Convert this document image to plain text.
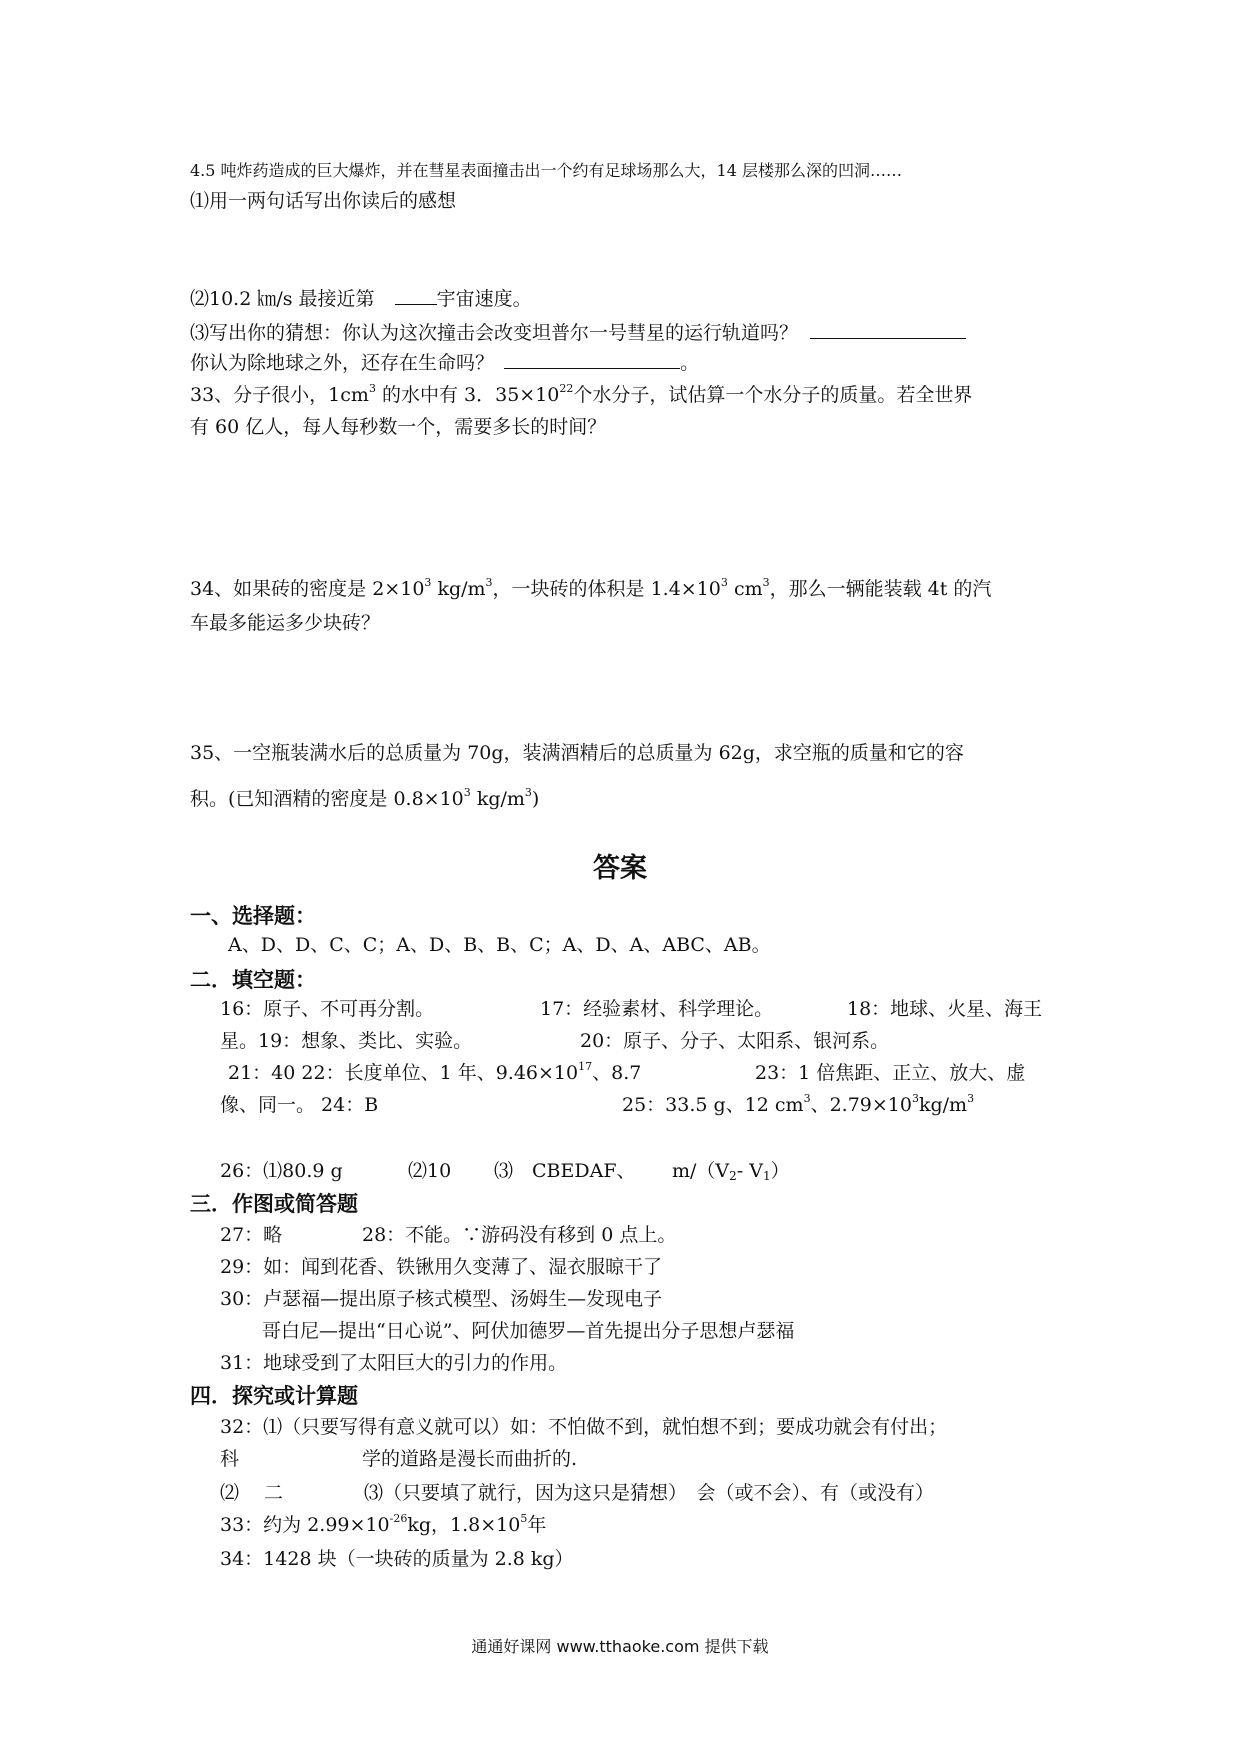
4.5 吨炸药造成的巨大爆炸，并在彗星表面撞击出一个约有足球场那么大，14 层楼那么深的凹洞……
⑴用一两句话写出你读后的感想
⑵10.2 ㎞/s 最接近第	宇宙速度。
⑶写出你的猜想：你认为这次撞击会改变坦普尔一号彗星的运行轨道吗？
你认为除地球之外，还存在生命吗？	。
33、分子很小，$1cm^3$ 的水中有 3．$35\times 10^{22}$个水分子，试估算一个水分子的质量。若全世界
有 60 亿人，每人每秒数一个，需要多长的时间？
34、如果砖的密度是 $2\times 10^3$ $kg/m^3$，一块砖的体积是 $1.4\times 10^3$ $cm^3$，那么一辆能装载 4t 的汽
车最多能运多少块砖？
35、一空瓶装满水后的总质量为 70g，装满酒精后的总质量为 62g，求空瓶的质量和它的容
积。(已知酒精的密度是 $0.8\times 10^3$ $kg/m^3$)
答案
一、选择题：
A、D、D、C、C；A、D、B、B、C；A、D、A、ABC、AB。
二．填空题：
16：原子、不可再分割。	17：经验素材、科学理论。	18：地球、火星、海王
星。19：想象、类比、实验。	20：原子、分子、太阳系、银河系。
21：40 22：长度单位、1 年、$9.46\times 10^{17}$、8.7	23：1 倍焦距、正立、放大、虚
像、同一。 24：B	25：33.5 g、12 $cm^3$、$2.79\times 10^3kg/m^3$
26：⑴80.9 g	⑵10 ⑶　CBEDAF、 $m/(V_2-$ $V_1$）
三．作图或简答题
27：略	28：不能。∵游码没有移到 0 点上。
29：如：闻到花香、铁锹用久变薄了、湿衣服晾干了
30：卢瑟福—提出原子核式模型、汤姆生—发现电子
哥白尼—提出“日心说”、阿伏加德罗—首先提出分子思想卢瑟福
31：地球受到了太阳巨大的引力的作用。
四．探究或计算题
32：⑴（只要写得有意义就可以）如：不怕做不到，就怕想不到；要成功就会有付出；
科	学的道路是漫长而曲折的.
⑵　 二	⑶（只要填了就行，因为这只是猜想）　会（或不会）、有（或没有）
33：约为 $2.99\times 10^{-26}kg$，$1.8\times 10^5$年
34：1428 块（一块砖的质量为 2.8 kg）
通通好课网 www.tthaoke.com 提供下载
